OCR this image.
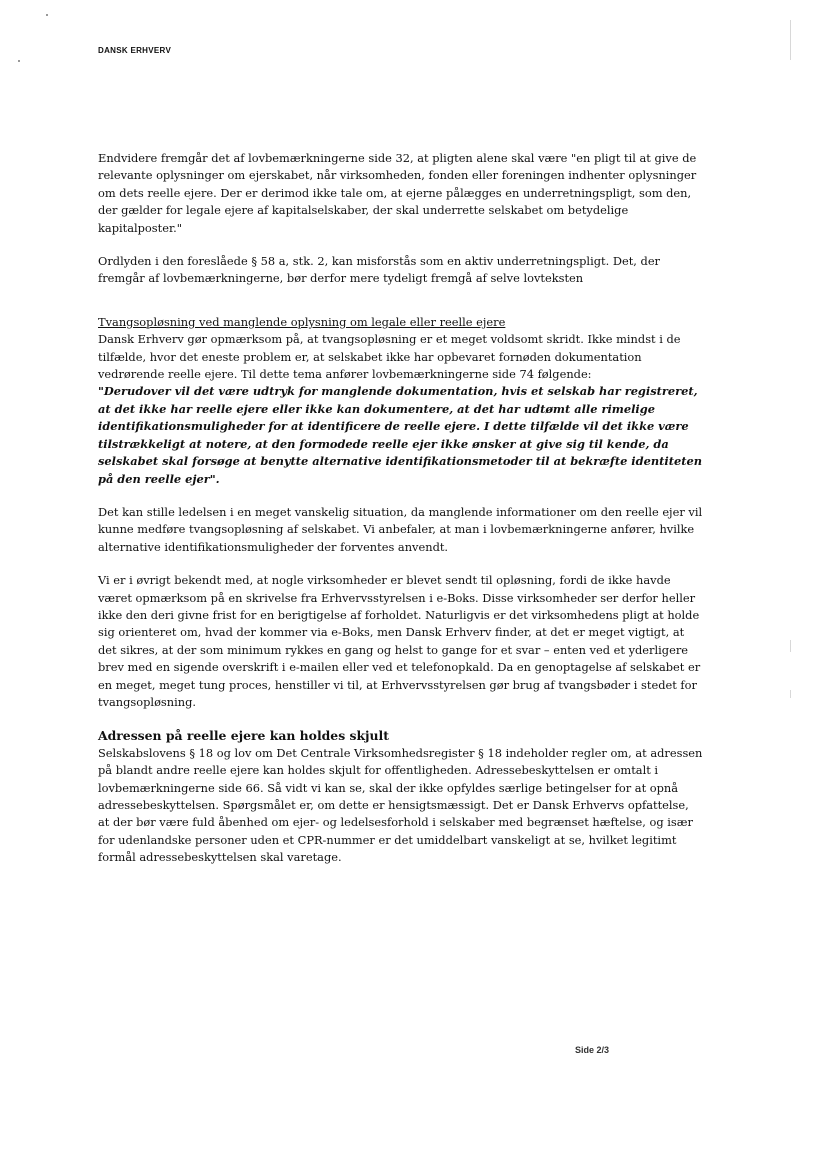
DANSK ERHVERV

Endvidere fremgår det af lovbemærkningerne side 32, at pligten alene skal være "en pligt til at give de relevante oplysninger om ejerskabet, når virksomheden, fonden eller foreningen indhenter oplysninger om dets reelle ejere. Der er derimod ikke tale om, at ejerne pålægges en underretningspligt, som den, der gælder for legale ejere af kapitalselskaber, der skal underrette selskabet om betydelige kapitalposter."

Ordlyden i den foreslåede § 58 a, stk. 2, kan misforstås som en aktiv underretningspligt. Det, der fremgår af lovbemærkningerne, bør derfor mere tydeligt fremgå af selve lovteksten

Tvangsopløsning ved manglende oplysning om legale eller reelle ejere

Dansk Erhverv gør opmærksom på, at tvangsopløsning er et meget voldsomt skridt. Ikke mindst i de tilfælde, hvor det eneste problem er, at selskabet ikke har opbevaret fornøden dokumentation vedrørende reelle ejere. Til dette tema anfører lovbemærkningerne side 74 følgende:

"Derudover vil det være udtryk for manglende dokumentation, hvis et selskab har registreret, at det ikke har reelle ejere eller ikke kan dokumentere, at det har udtømt alle rimelige identifikationsmuligheder for at identificere de reelle ejere. I dette tilfælde vil det ikke være tilstrækkeligt at notere, at den formodede reelle ejer ikke ønsker at give sig til kende, da selskabet skal forsøge at benytte alternative identifikationsmetoder til at bekræfte identiteten på den reelle ejer".

Det kan stille ledelsen i en meget vanskelig situation, da manglende informationer om den reelle ejer vil kunne medføre tvangsopløsning af selskabet. Vi anbefaler, at man i lovbemærkningerne anfører, hvilke alternative identifikationsmuligheder der forventes anvendt.

Vi er i øvrigt bekendt med, at nogle virksomheder er blevet sendt til opløsning, fordi de ikke havde været opmærksom på en skrivelse fra Erhvervsstyrelsen i e-Boks. Disse virksomheder ser derfor heller ikke den deri givne frist for en berigtigelse af forholdet. Naturligvis er det virksomhedens pligt at holde sig orienteret om, hvad der kommer via e-Boks, men Dansk Erhverv finder, at det er meget vigtigt, at det sikres, at der som minimum rykkes en gang og helst to gange for et svar – enten ved et yderligere brev med en sigende overskrift i e-mailen eller ved et telefonopkald. Da en genoptagelse af selskabet er en meget, meget tung proces, henstiller vi til, at Erhvervsstyrelsen gør brug af tvangsbøder i stedet for tvangsopløsning.

Adressen på reelle ejere kan holdes skjult

Selskabslovens § 18 og lov om Det Centrale Virksomhedsregister § 18 indeholder regler om, at adressen på blandt andre reelle ejere kan holdes skjult for offentligheden. Adressebeskyttelsen er omtalt i lovbemærkningerne side 66. Så vidt vi kan se, skal der ikke opfyldes særlige betingelser for at opnå adressebeskyttelsen. Spørgsmålet er, om dette er hensigtsmæssigt. Det er Dansk Erhvervs opfattelse, at der bør være fuld åbenhed om ejer- og ledelsesforhold i selskaber med begrænset hæftelse, og især for udenlandske personer uden et CPR-nummer er det umiddelbart vanskeligt at se, hvilket legitimt formål adressebeskyttelsen skal varetage.

Side 2/3
